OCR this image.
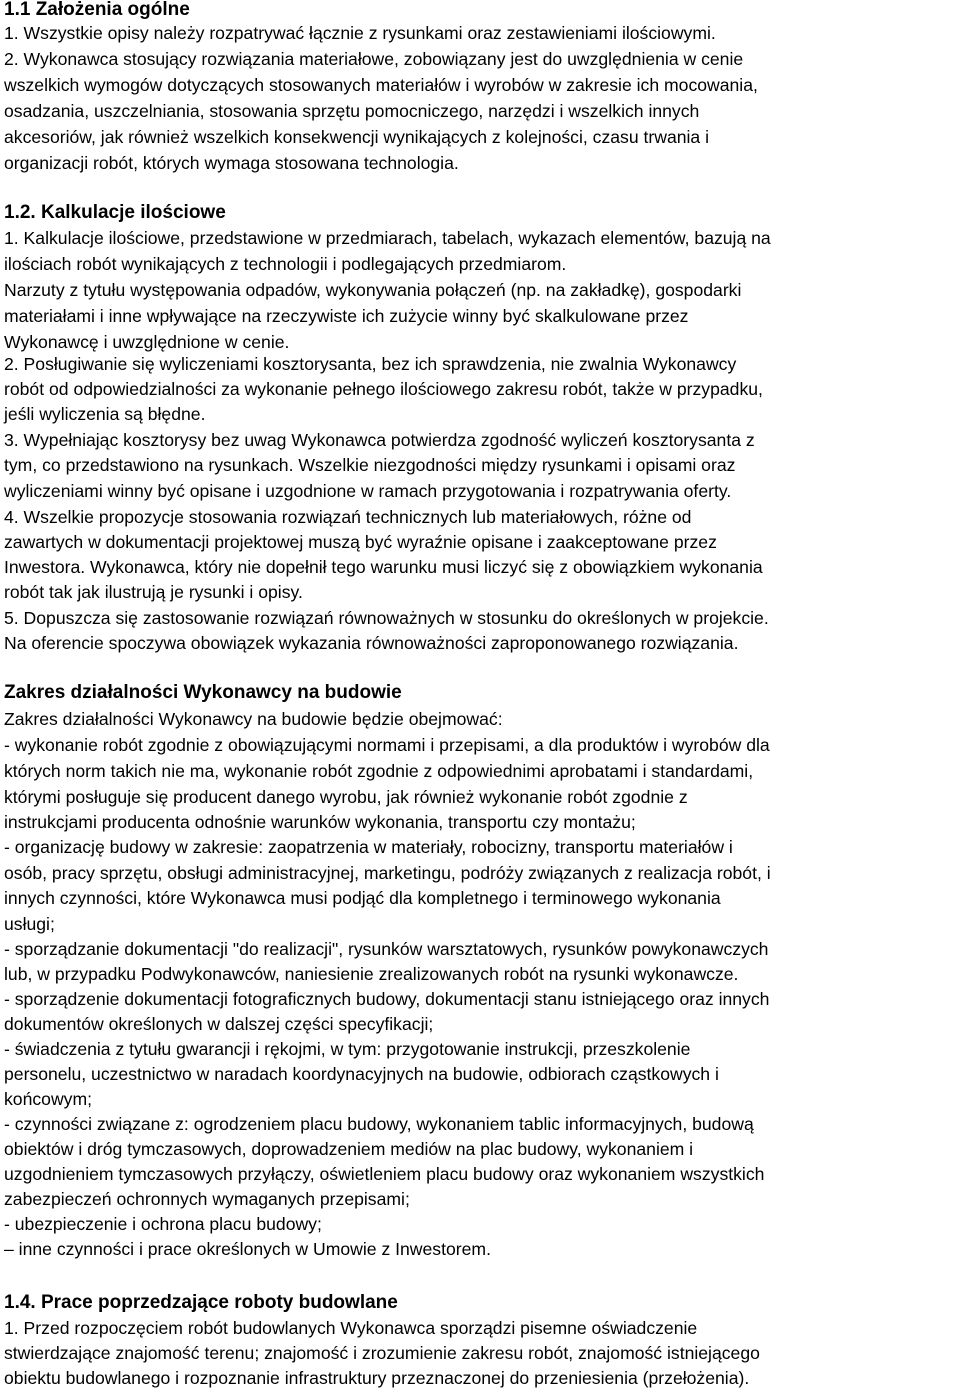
1.1 Założenia ogólne
1. Wszystkie opisy należy rozpatrywać łącznie z rysunkami oraz zestawieniami ilościowymi.
2. Wykonawca stosujący rozwiązania materiałowe, zobowiązany jest do uwzględnienia w cenie
wszelkich wymogów dotyczących stosowanych materiałów i wyrobów w zakresie ich mocowania,
osadzania, uszczelniania, stosowania sprzętu pomocniczego, narzędzi i wszelkich innych
akcesoriów, jak również wszelkich konsekwencji wynikających z kolejności, czasu trwania i
organizacji robót, których wymaga stosowana technologia.
1.2. Kalkulacje ilościowe
1. Kalkulacje ilościowe, przedstawione w przedmiarach, tabelach, wykazach elementów, bazują na
ilościach robót wynikających z technologii i podlegających przedmiarom.
Narzuty z tytułu występowania odpadów, wykonywania połączeń (np. na zakładkę), gospodarki
materiałami i inne wpływające na rzeczywiste ich zużycie winny być skalkulowane przez
Wykonawcę i uwzględnione w cenie.
2. Posługiwanie się wyliczeniami kosztorysanta, bez ich sprawdzenia, nie zwalnia Wykonawcy
robót od odpowiedzialności za wykonanie pełnego ilościowego zakresu robót, także w przypadku,
jeśli wyliczenia są błędne.
3. Wypełniając kosztorysy bez uwag Wykonawca potwierdza zgodność wyliczeń kosztorysanta z
tym, co przedstawiono na rysunkach. Wszelkie niezgodności między rysunkami i opisami oraz
wyliczeniami winny być opisane i uzgodnione w ramach przygotowania i rozpatrywania oferty.
4. Wszelkie propozycje stosowania rozwiązań technicznych lub materiałowych, różne od
zawartych w dokumentacji projektowej muszą być wyraźnie opisane i zaakceptowane przez
Inwestora. Wykonawca, który nie dopełnił tego warunku musi liczyć się z obowiązkiem wykonania
robót tak jak ilustrują je rysunki i opisy.
5. Dopuszcza się zastosowanie rozwiązań równoważnych w stosunku do określonych w projekcie.
Na oferencie spoczywa obowiązek wykazania równoważności zaproponowanego rozwiązania.
Zakres działalności Wykonawcy na budowie
Zakres działalności Wykonawcy na budowie będzie obejmować:
- wykonanie robót zgodnie z obowiązującymi normami i przepisami, a dla produktów i wyrobów dla
których norm takich nie ma, wykonanie robót zgodnie z odpowiednimi aprobatami i standardami,
którymi posługuje się producent danego wyrobu, jak również wykonanie robót zgodnie z
instrukcjami producenta odnośnie warunków wykonania, transportu czy montażu;
- organizację budowy w zakresie: zaopatrzenia w materiały, robocizny, transportu materiałów i
osób, pracy sprzętu, obsługi administracyjnej, marketingu, podróży związanych z realizacja robót, i
innych czynności, które Wykonawca musi podjąć dla kompletnego i terminowego wykonania
usługi;
- sporządzanie dokumentacji "do realizacji", rysunków warsztatowych, rysunków powykonawczych
lub, w przypadku Podwykonawców, naniesienie zrealizowanych robót na rysunki wykonawcze.
- sporządzenie dokumentacji fotograficznych budowy, dokumentacji stanu istniejącego oraz innych
dokumentów określonych w dalszej części specyfikacji;
- świadczenia z tytułu gwarancji i rękojmi, w tym: przygotowanie instrukcji, przeszkolenie
personelu, uczestnictwo w naradach koordynacyjnych na budowie, odbiorach cząstkowych i
końcowym;
- czynności związane z: ogrodzeniem placu budowy, wykonaniem tablic informacyjnych, budową
obiektów i dróg tymczasowych, doprowadzeniem mediów na plac budowy, wykonaniem i
uzgodnieniem tymczasowych przyłączy, oświetleniem placu budowy oraz wykonaniem wszystkich
zabezpieczeń ochronnych wymaganych przepisami;
- ubezpieczenie i ochrona placu budowy;
– inne czynności i prace określonych w Umowie z Inwestorem.
1.4. Prace poprzedzające roboty budowlane
1. Przed rozpoczęciem robót budowlanych Wykonawca sporządzi pisemne oświadczenie
stwierdzające znajomość terenu; znajomość i zrozumienie zakresu robót, znajomość istniejącego
obiektu budowlanego i rozpoznanie infrastruktury przeznaczonej do przeniesienia (przełożenia).
